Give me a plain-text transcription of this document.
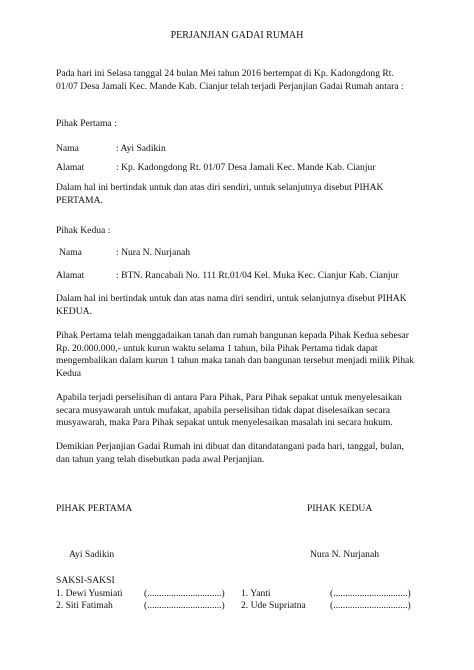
PERJANJIAN GADAI RUMAH
Pada hari ini Selasa tanggal 24 bulan Mei tahun 2016 bertempat di Kp. Kadongdong Rt.
01/07 Desa Jamali Kec. Mande Kab. Cianjur telah terjadi Perjanjian Gadai Rumah antara :
Pihak Pertama :
Nama	: Ayi Sadikin
Alamat	: Kp. Kadongdong Rt. 01/07 Desa Jamali Kec. Mande Kab. Cianjur
Dalam hal ini bertindak untuk dan atas diri sendiri, untuk selanjutnya disebut PIHAK
PERTAMA.
Pihak Kedua :
Nama	: Nura N. Nurjanah
Alamat	: BTN. Rancabali No. 111 Rt.01/04 Kel. Muka Kec. Cianjur Kab. Cianjur
Dalam hal ini bertindak untuk dan atas nama diri sendiri, untuk selanjutnya disebut PIHAK
KEDUA.
Pihak Pertama telah menggadaikan tanah dan rumah bangunan kepada Pihak Kedua sebesar
Rp. 20.000.000,- untuk kurun waktu selama 1 tahun, bila Pihak Pertama tidak dapat
mengembalikan dalam kurun 1 tahun maka tanah dan bangunan tersebut menjadi milik Pihak
Kedua
Apabila terjadi perselisihan di antara Para Pihak, Para Pihak sepakat untuk menyelesaikan
secara musyawarah untuk mufakat, apabila perselisihan tidak dapat diselesaikan secara
musyawarah, maka Para Pihak sepakat untuk menyelesaikan masalah ini secara hukum.
Demikian Perjanjian Gadai Rumah ini dibuat dan ditandatangani pada hari, tanggal, bulan,
dan tahun yang telah disebutkan pada awal Perjanjian.
PIHAK PERTAMA	PIHAK KEDUA
Ayi Sadikin	Nura N. Nurjanah
SAKSI-SAKSI
1. Dewi Yusmiati (...............................) 1. Yanti	(...............................)
2. Siti Fatimah	(...............................) 2. Ude Supriatna	(...............................)
